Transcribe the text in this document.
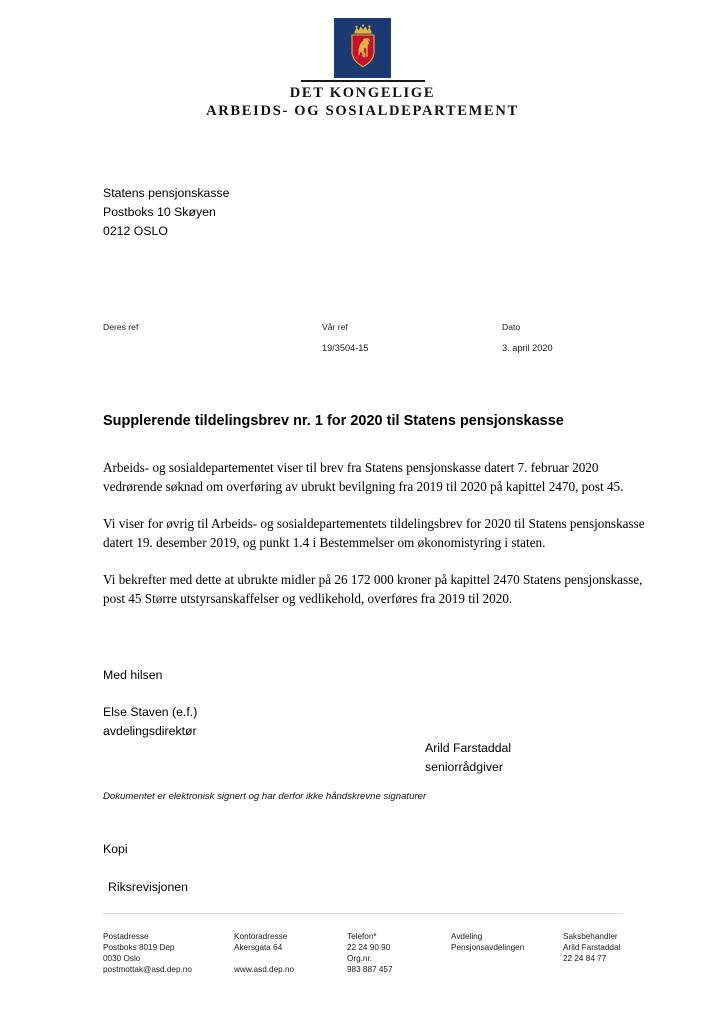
DET KONGELIGE
ARBEIDS- OG SOSIALDEPARTEMENT
Statens pensjonskasse
Postboks 10 Skøyen
0212 OSLO
Deres ref	Vår ref
19/3504-15
Dato
3. april 2020
Supplerende tildelingsbrev nr. 1 for 2020 til Statens pensjonskasse

Arbeids- og sosialdepartementet viser til brev fra Statens pensjonskasse datert 7. februar 2020 vedrørende søknad om overføring av ubrukt bevilgning fra 2019 til 2020 på kapittel 2470, post 45.

Vi viser for øvrig til Arbeids- og sosialdepartementets tildelingsbrev for 2020 til Statens pensjonskasse datert 19. desember 2019, og punkt 1.4 i Bestemmelser om økonomistyring i staten.

Vi bekrefter med dette at ubrukte midler på 26 172 000 kroner på kapittel 2470 Statens pensjonskasse, post 45 Større utstyrsanskaffelser og vedlikehold, overføres fra 2019 til 2020.

Med hilsen
Else Staven (e.f.)
avdelingsdirektør
Arild Farstaddal
seniorrådgiver
Dokumentet er elektronisk signert og har derfor ikke håndskrevne signaturer
Kopi
Riksrevisjonen
Postadresse
Postboks 8019 Dep
0030 Oslo
postmottak@asd.dep.no
Kontoradresse
Akersgata 64
www.asd.dep.no
Telefon*
22 24 90 90
Org.nr.
983 887 457
Avdeling
Pensjonsavdelingen
Saksbehandler
Arild Farstaddal
22 24 84 77
